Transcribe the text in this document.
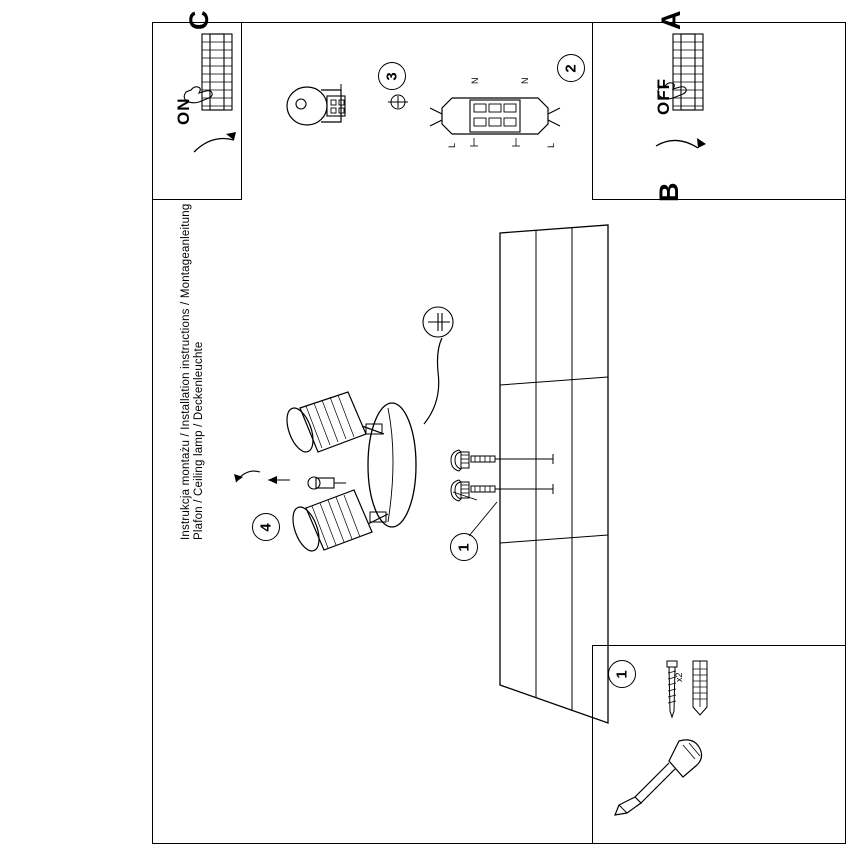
A
OFF
C
ON
3
N	N
L	L
2
B
4
1
1	x2
Instrukcja montażu / Installation instructions / Montageanleitung Plafon / Ceiling lamp / Deckenleuchte
